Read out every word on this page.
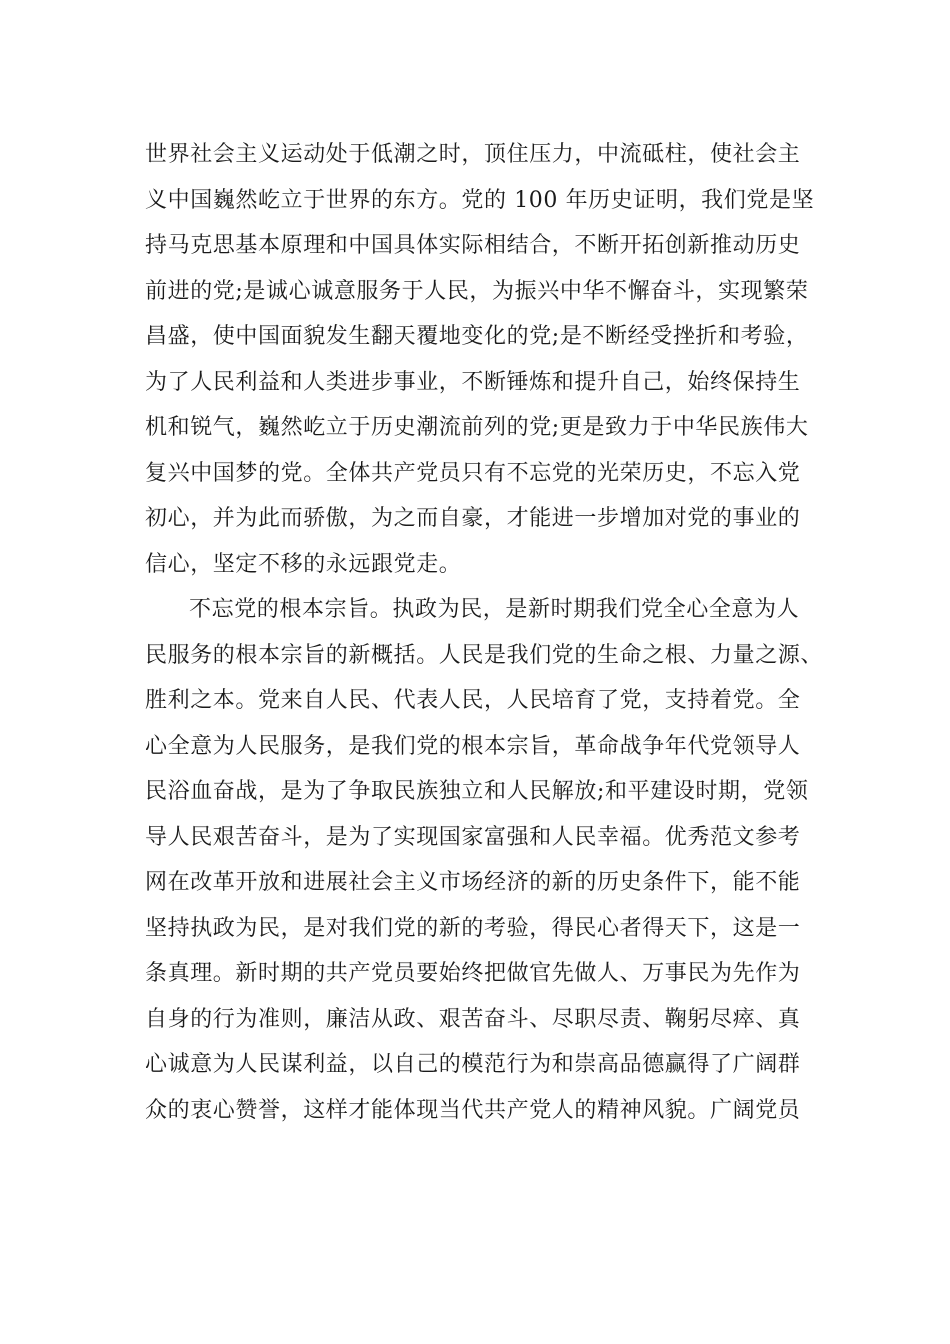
世界社会主义运动处于低潮之时，顶住压力，中流砥柱，使社会主
义中国巍然屹立于世界的东方。党的 100 年历史证明，我们党是坚
持马克思基本原理和中国具体实际相结合，不断开拓创新推动历史
前进的党;是诚心诚意服务于人民，为振兴中华不懈奋斗，实现繁荣
昌盛，使中国面貌发生翻天覆地变化的党;是不断经受挫折和考验，
为了人民利益和人类进步事业，不断锤炼和提升自己，始终保持生
机和锐气，巍然屹立于历史潮流前列的党;更是致力于中华民族伟大
复兴中国梦的党。全体共产党员只有不忘党的光荣历史，不忘入党
初心，并为此而骄傲，为之而自豪，才能进一步增加对党的事业的
信心，坚定不移的永远跟党走。
不忘党的根本宗旨。执政为民，是新时期我们党全心全意为人
民服务的根本宗旨的新概括。人民是我们党的生命之根、力量之源、
胜利之本。党来自人民、代表人民，人民培育了党，支持着党。全
心全意为人民服务，是我们党的根本宗旨，革命战争年代党领导人
民浴血奋战，是为了争取民族独立和人民解放;和平建设时期，党领
导人民艰苦奋斗，是为了实现国家富强和人民幸福。优秀范文参考
网在改革开放和进展社会主义市场经济的新的历史条件下，能不能
坚持执政为民，是对我们党的新的考验，得民心者得天下，这是一
条真理。新时期的共产党员要始终把做官先做人、万事民为先作为
自身的行为准则，廉洁从政、艰苦奋斗、尽职尽责、鞠躬尽瘁、真
心诚意为人民谋利益，以自己的模范行为和崇高品德赢得了广阔群
众的衷心赞誉，这样才能体现当代共产党人的精神风貌。广阔党员
